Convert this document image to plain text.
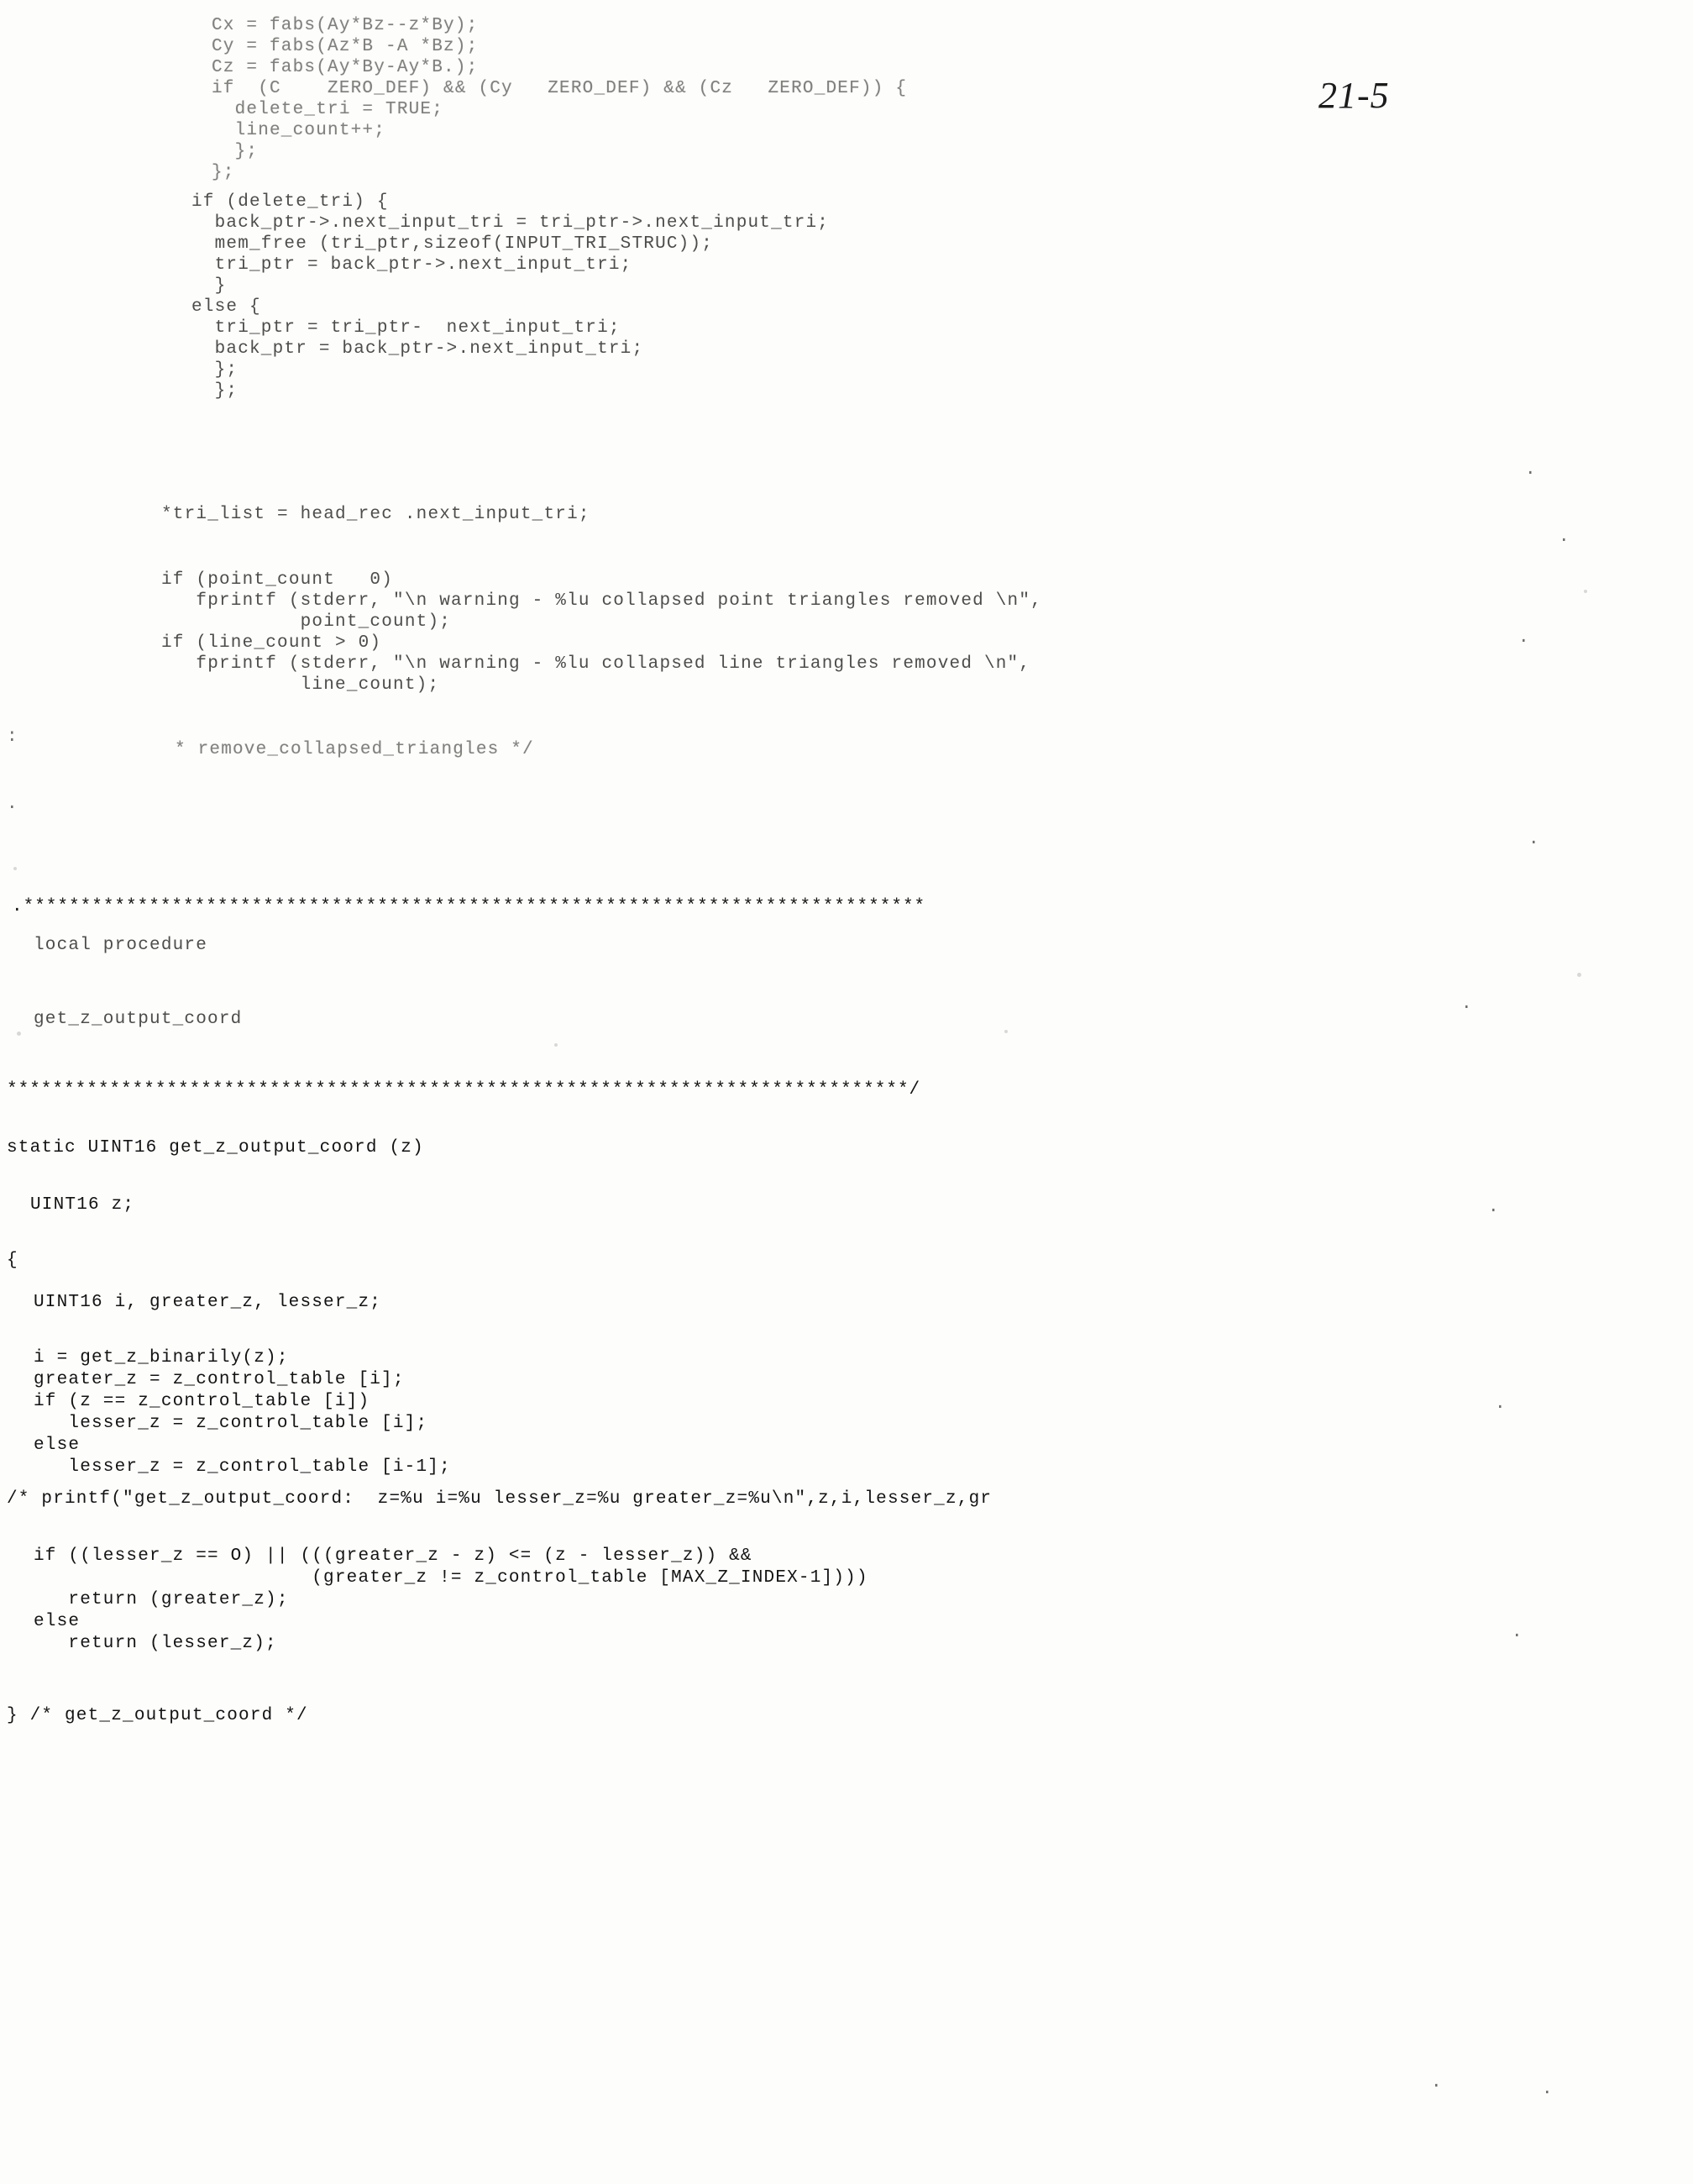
21-5
Cx = fabs(Ay*Bz--z*By);
Cy = fabs(Az*B -A *Bz);
Cz = fabs(Ay*By-Ay*B.);
if  (C    ZERO_DEF) && (Cy   ZERO_DEF) && (Cz   ZERO_DEF)) {
delete_tri = TRUE;
line_count++;
};
};
if (delete_tri) {
back_ptr->.next_input_tri = tri_ptr->.next_input_tri;
mem_free (tri_ptr,sizeof(INPUT_TRI_STRUC));
tri_ptr = back_ptr->.next_input_tri;
}
else {
tri_ptr = tri_ptr-  next_input_tri;
back_ptr = back_ptr->.next_input_tri;
};
};
*tri_list = head_rec .next_input_tri;
if (point_count   0)
fprintf (stderr, "\n warning - %lu collapsed point triangles removed \n",
point_count);
if (line_count > 0)
fprintf (stderr, "\n warning - %lu collapsed line triangles removed \n",
line_count);
* remove_collapsed_triangles */
.*******************************************************************************
local procedure

get_z_output_coord
*******************************************************************************/
static UINT16 get_z_output_coord (z)
UINT16 z;
{
UINT16 i, greater_z, lesser_z;
i = get_z_binarily(z);
greater_z = z_control_table [i];
if (z == z_control_table [i])
lesser_z = z_control_table [i];
else
lesser_z = z_control_table [i-1];
/* printf("get_z_output_coord:  z=%u i=%u lesser_z=%u greater_z=%u\n",z,i,lesser_z,gr
if ((lesser_z == O) || (((greater_z - z) <= (z - lesser_z)) &&
(greater_z != z_control_table [MAX_Z_INDEX-1])))
return (greater_z);
else
return (lesser_z);
} /* get_z_output_coord */
:
.
.
.
.
.
.
.
.
.
.	.
